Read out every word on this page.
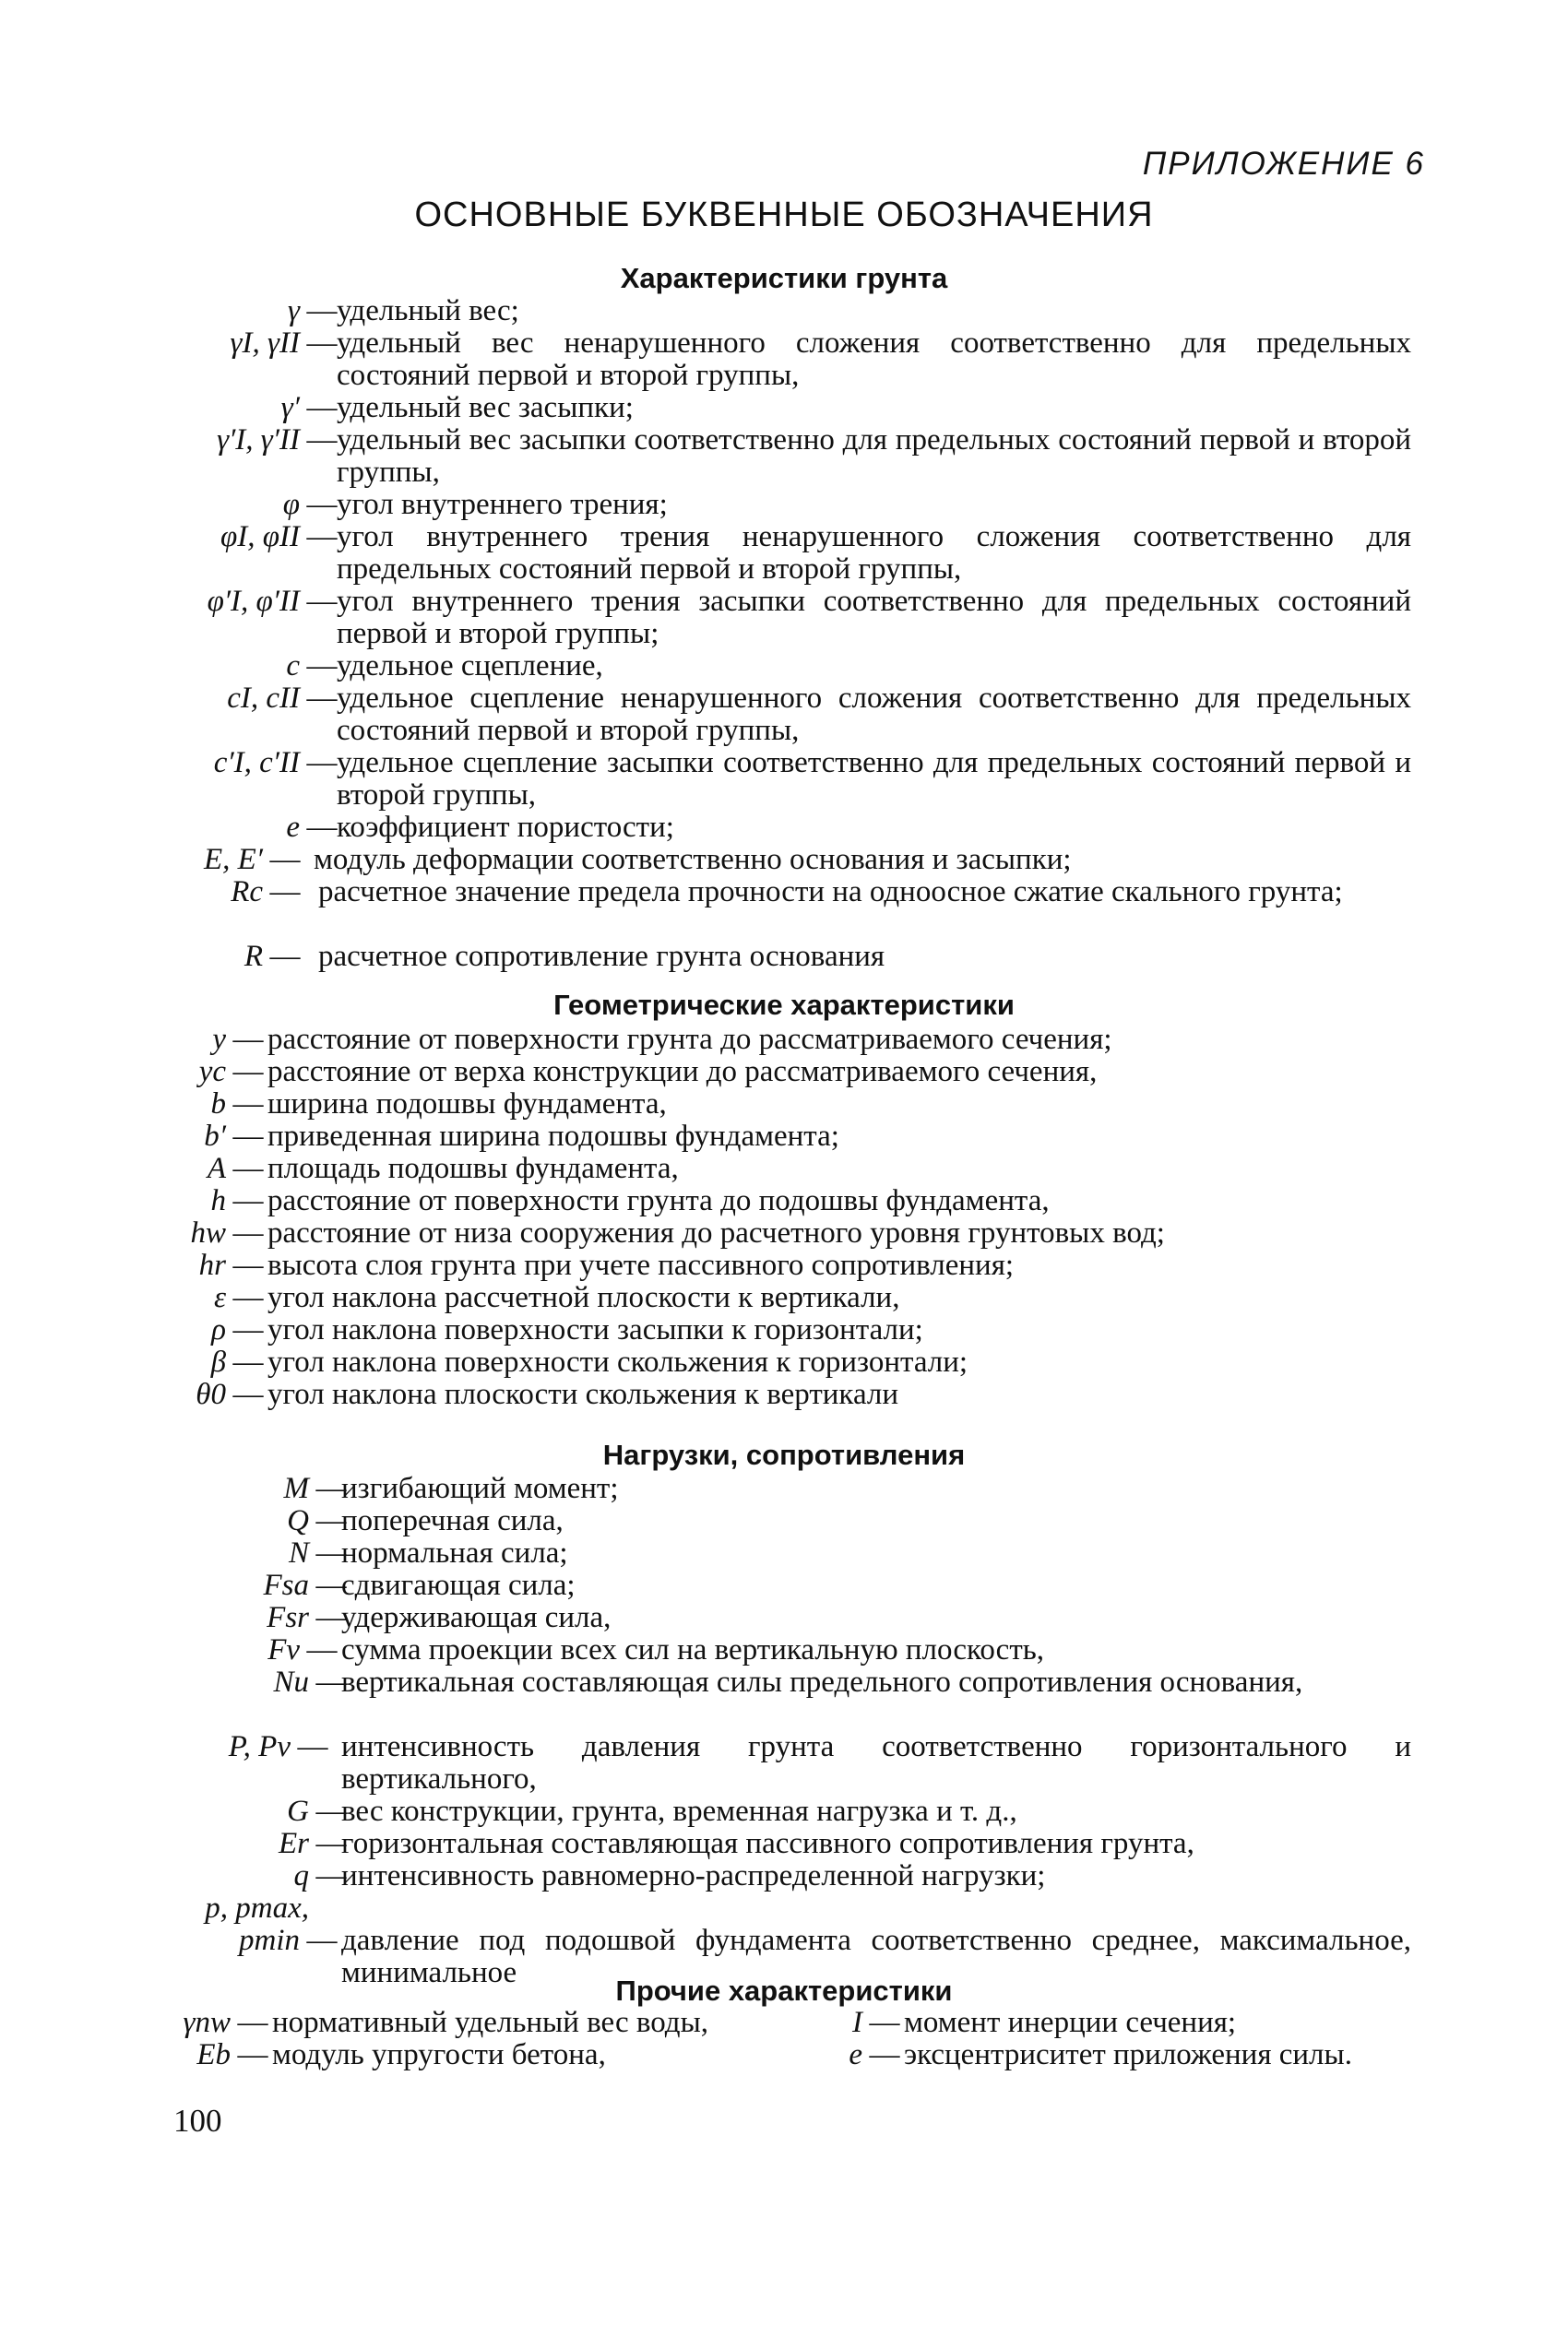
ПРИЛОЖЕНИЕ 6
ОСНОВНЫЕ БУКВЕННЫЕ ОБОЗНАЧЕНИЯ
Характеристики грунта
γ — удельный вес;
γI, γII — удельный вес ненарушенного сложения соответственно для предельных состояний первой и второй группы,
γ′ — удельный вес засыпки;
γ′I, γ′II — удельный вес засыпки соответственно для предельных состояний первой и второй группы,
φ — угол внутреннего трения;
φI, φII — угол внутреннего трения ненарушенного сложения соответственно для предельных состояний первой и второй группы,
φ′I, φ′II — угол внутреннего трения засыпки соответственно для предельных состояний первой и второй группы;
c — удельное сцепление,
cI, cII — удельное сцепление ненарушенного сложения соответственно для предельных состояний первой и второй группы,
c′I, c′II — удельное сцепление засыпки соответственно для предельных состояний первой и второй группы,
e — коэффициент пористости;
E, E′ — модуль деформации соответственно основания и засыпки;
Rc — расчетное значение предела прочности на одноосное сжатие скального грунта;
R — расчетное сопротивление грунта основания
Геометрические характеристики
y — расстояние от поверхности грунта до рассматриваемого сечения;
yc — расстояние от верха конструкции до рассматриваемого сечения,
b — ширина подошвы фундамента,
b′ — приведенная ширина подошвы фундамента;
A — площадь подошвы фундамента,
h — расстояние от поверхности грунта до подошвы фундамента,
hw — расстояние от низа сооружения до расчетного уровня грунтовых вод;
hr — высота слоя грунта при учете пассивного сопротивления;
ε — угол наклона рассчетной плоскости к вертикали,
ρ — угол наклона поверхности засыпки к горизонтали;
β — угол наклона поверхности скольжения к горизонтали;
θ0 — угол наклона плоскости скольжения к вертикали
Нагрузки, сопротивления
M —
изгибающий момент;
Q —
поперечная сила,
N —
нормальная сила;
Fsa —
сдвигающая сила;
Fsr —
удерживающая сила,
Fv — сумма проекции всех сил на вертикальную плоскость,
Nu —
вертикальная составляющая силы предельного сопротивления основания,
P, Pv — интенсивность давления грунта соответственно горизонтального и вертикального,
G —
вес конструкции, грунта, временная нагрузка и т. д.,
Er —
горизонтальная составляющая пассивного сопротивления грунта,
q —
интенсивность равномерно-распределенной нагрузки;
p, pmax,
pmin — давление под подошвой фундамента соответственно среднее, максимальное, минимальное
Прочие характеристики
γnw — нормативный удельный вес воды,
Eb — модуль упругости бетона,
I — момент инерции сечения;
e — эксцентриситет приложения силы.
100
